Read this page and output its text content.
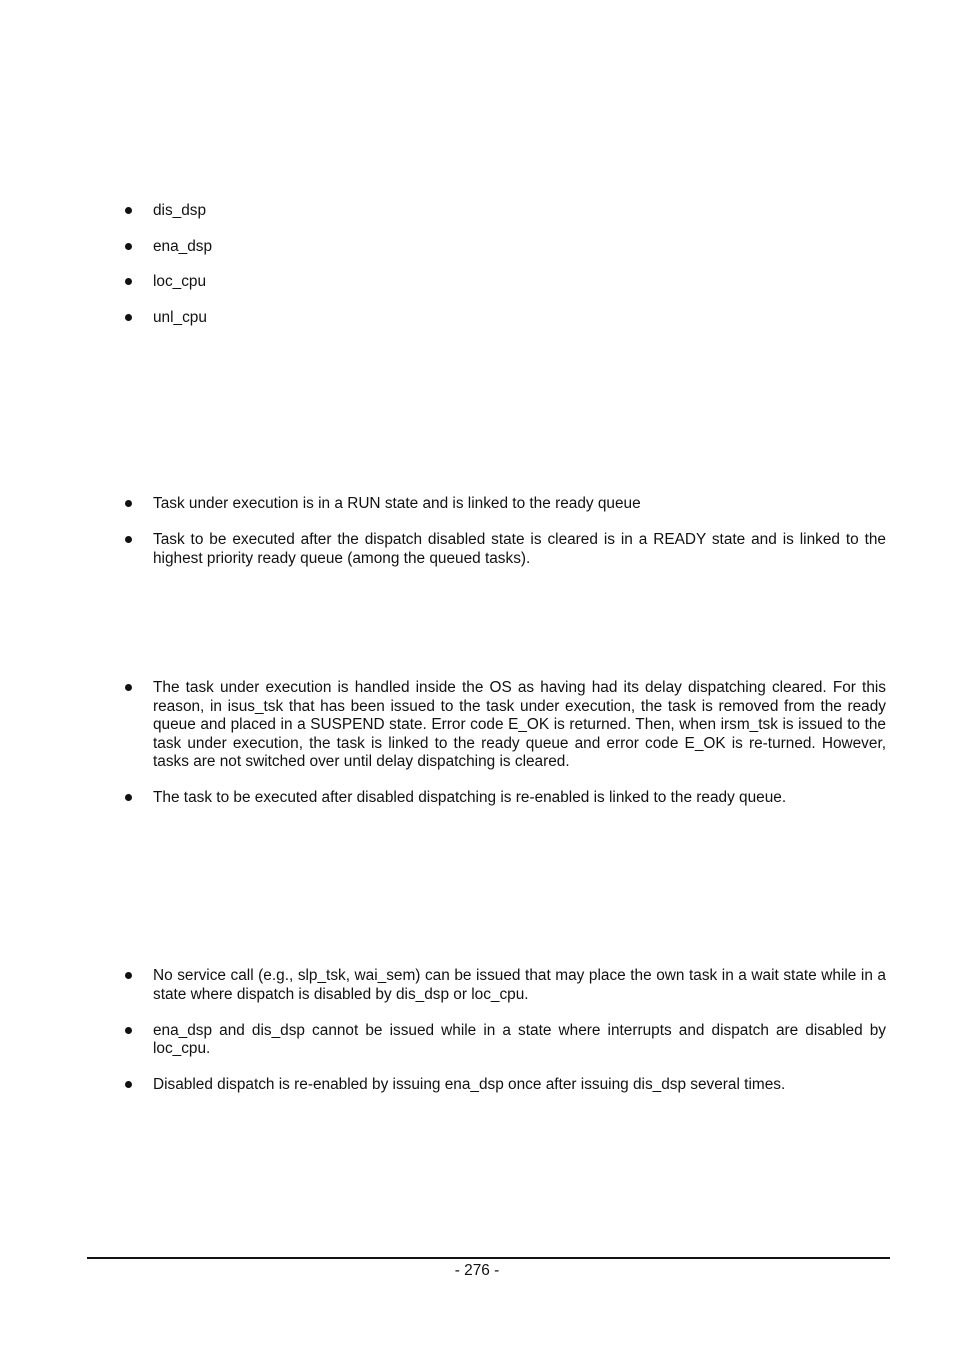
dis_dsp
ena_dsp
loc_cpu
unl_cpu
Task under execution is in a RUN state and is linked to the ready queue
Task to be executed after the dispatch disabled state is cleared is in a READY state and is linked to the highest priority ready queue (among the queued tasks).
The task under execution is handled inside the OS as having had its delay dispatching cleared. For this reason, in isus_tsk that has been issued to the task under execution, the task is removed from the ready queue and placed in a SUSPEND state. Error code E_OK is returned. Then, when irsm_tsk is issued to the task under execution, the task is linked to the ready queue and error code E_OK is re-turned. However, tasks are not switched over until delay dispatching is cleared.
The task to be executed after disabled dispatching is re-enabled is linked to the ready queue.
No service call (e.g., slp_tsk, wai_sem) can be issued that may place the own task in a wait state while in a state where dispatch is disabled by dis_dsp or loc_cpu.
ena_dsp and dis_dsp cannot be issued while in a state where interrupts and dispatch are disabled by loc_cpu.
Disabled dispatch is re-enabled by issuing ena_dsp once after issuing dis_dsp several times.
- 276 -
